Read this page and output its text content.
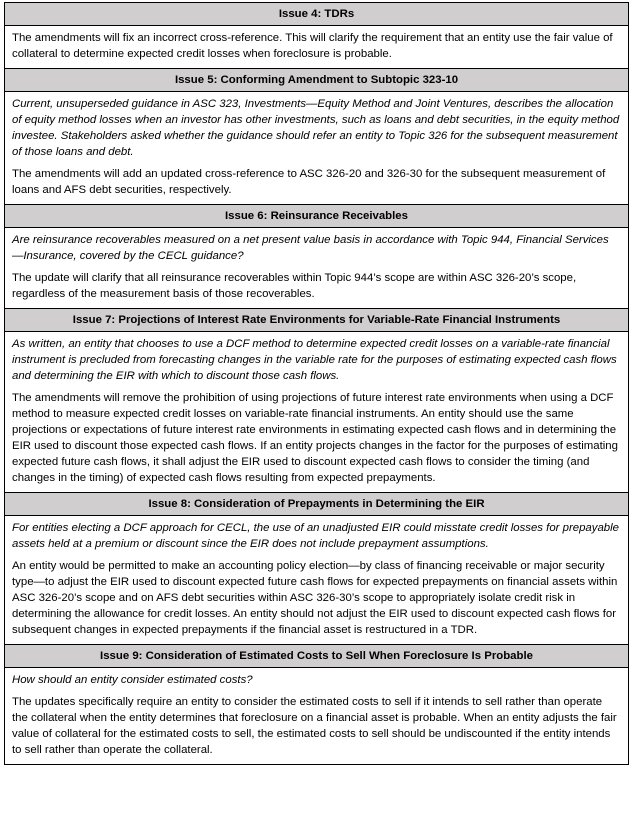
Issue 4: TDRs

The amendments will fix an incorrect cross-reference. This will clarify the requirement that an entity use the fair value of collateral to determine expected credit losses when foreclosure is probable.

Issue 5: Conforming Amendment to Subtopic 323-10

Current, unsuperseded guidance in ASC 323, Investments—Equity Method and Joint Ventures, describes the allocation of equity method losses when an investor has other investments, such as loans and debt securities, in the equity method investee. Stakeholders asked whether the guidance should refer an entity to Topic 326 for the subsequent measurement of those loans and debt.

The amendments will add an updated cross-reference to ASC 326-20 and 326-30 for the subsequent measurement of loans and AFS debt securities, respectively.

Issue 6: Reinsurance Receivables

Are reinsurance recoverables measured on a net present value basis in accordance with Topic 944, Financial Services—Insurance, covered by the CECL guidance?

The update will clarify that all reinsurance recoverables within Topic 944’s scope are within ASC 326-20’s scope, regardless of the measurement basis of those recoverables.

Issue 7: Projections of Interest Rate Environments for Variable-Rate Financial Instruments

As written, an entity that chooses to use a DCF method to determine expected credit losses on a variable-rate financial instrument is precluded from forecasting changes in the variable rate for the purposes of estimating expected cash flows and determining the EIR with which to discount those cash flows.

The amendments will remove the prohibition of using projections of future interest rate environments when using a DCF method to measure expected credit losses on variable-rate financial instruments. An entity should use the same projections or expectations of future interest rate environments in estimating expected cash flows and in determining the EIR used to discount those expected cash flows. If an entity projects changes in the factor for the purposes of estimating expected future cash flows, it shall adjust the EIR used to discount expected cash flows to consider the timing (and changes in the timing) of expected cash flows resulting from expected prepayments.

Issue 8: Consideration of Prepayments in Determining the EIR

For entities electing a DCF approach for CECL, the use of an unadjusted EIR could misstate credit losses for prepayable assets held at a premium or discount since the EIR does not include prepayment assumptions.

An entity would be permitted to make an accounting policy election—by class of financing receivable or major security type—to adjust the EIR used to discount expected future cash flows for expected prepayments on financial assets within ASC 326-20’s scope and on AFS debt securities within ASC 326-30’s scope to appropriately isolate credit risk in determining the allowance for credit losses. An entity should not adjust the EIR used to discount expected cash flows for subsequent changes in expected prepayments if the financial asset is restructured in a TDR.

Issue 9: Consideration of Estimated Costs to Sell When Foreclosure Is Probable

How should an entity consider estimated costs?

The updates specifically require an entity to consider the estimated costs to sell if it intends to sell rather than operate the collateral when the entity determines that foreclosure on a financial asset is probable. When an entity adjusts the fair value of collateral for the estimated costs to sell, the estimated costs to sell should be undiscounted if the entity intends to sell rather than operate the collateral.
